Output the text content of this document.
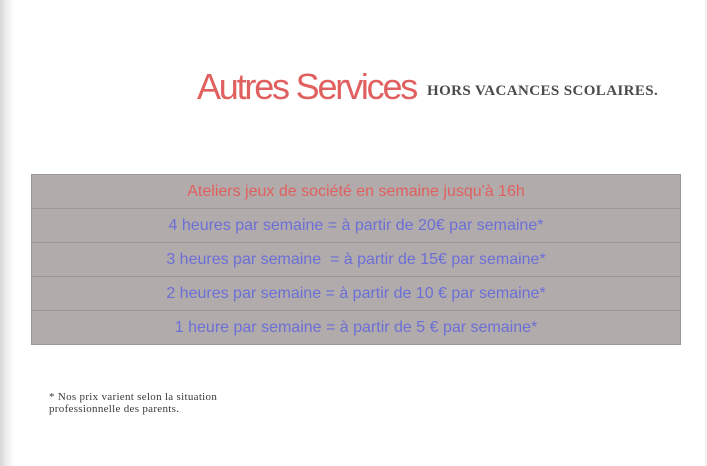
Autres Services HORS VACANCES SCOLAIRES.
Ateliers jeux de société en semaine jusqu'à 16h
4 heures par semaine = à partir de 20€ par semaine*
3 heures par semaine  = à partir de 15€ par semaine*
2 heures par semaine = à partir de 10 € par semaine*
1 heure par semaine = à partir de 5 € par semaine*
* Nos prix varient selon la situation professionnelle des parents.
